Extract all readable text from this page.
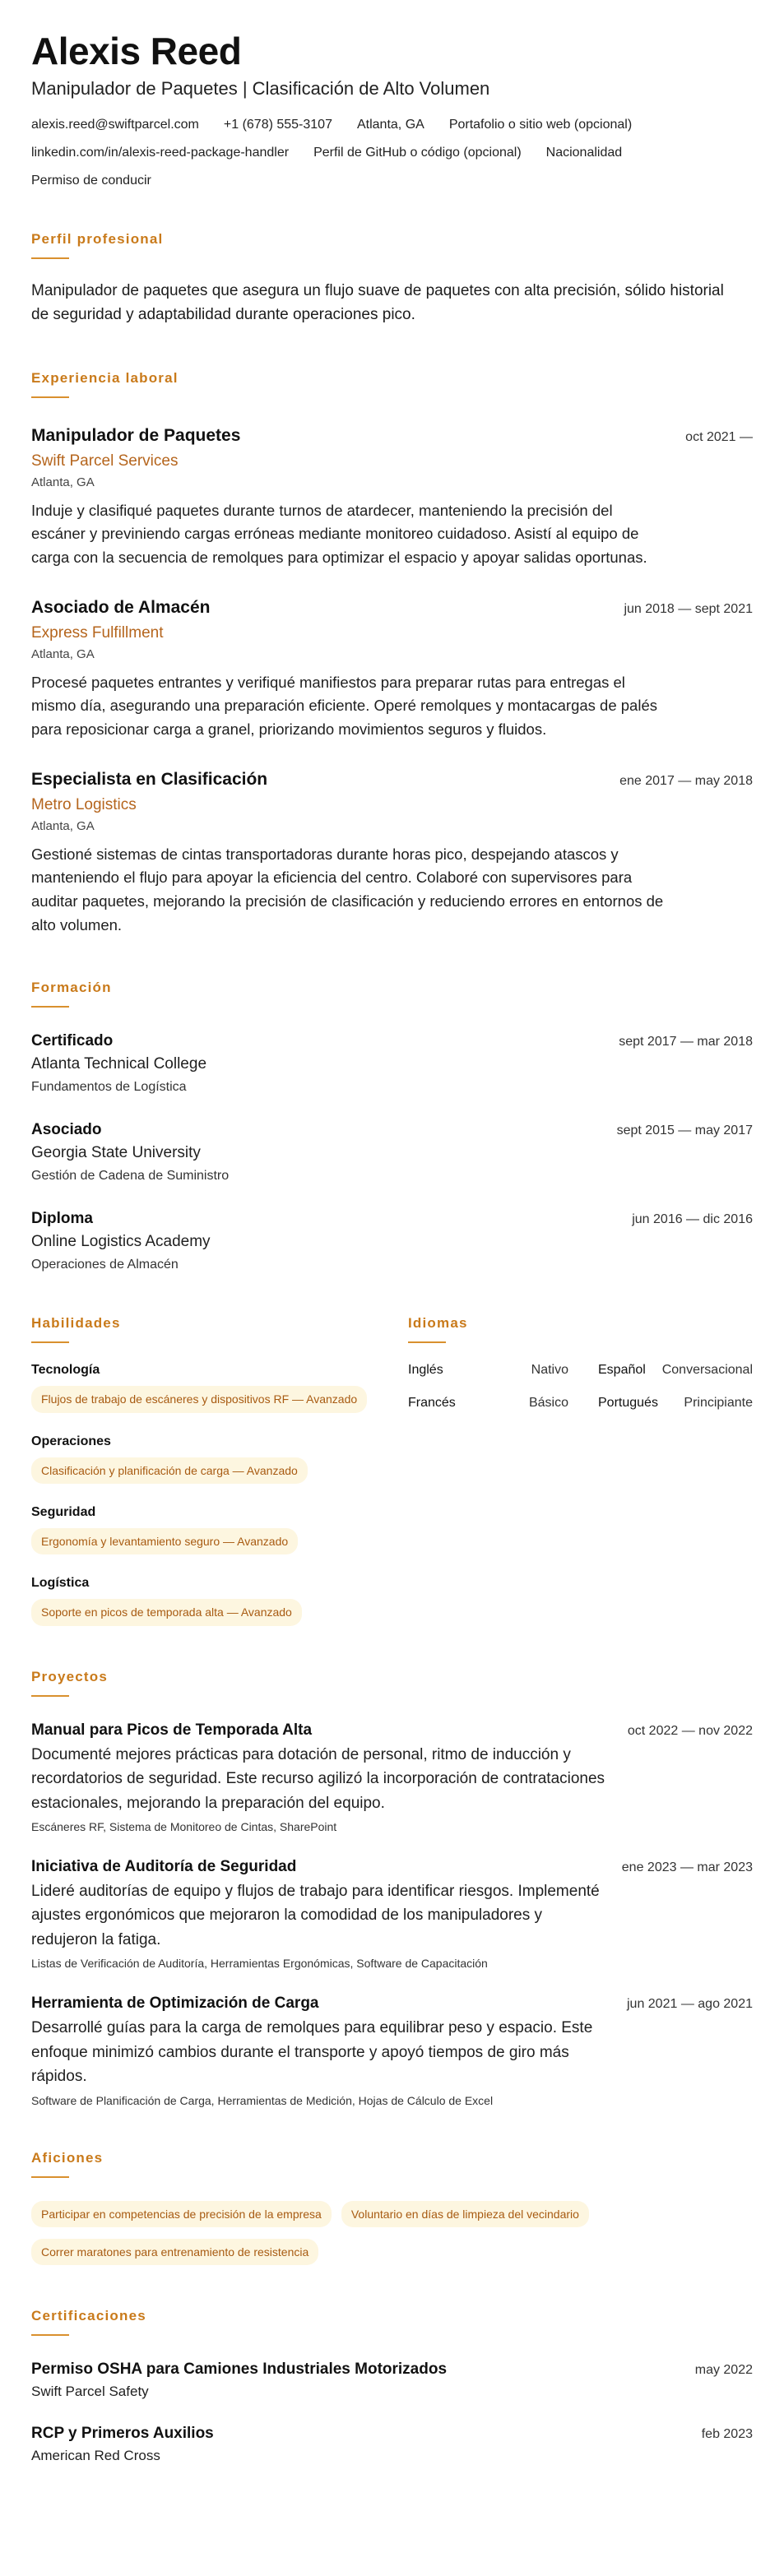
Alexis Reed
Manipulador de Paquetes | Clasificación de Alto Volumen
alexis.reed@swiftparcel.com +1 (678) 555-3107 Atlanta, GA Portafolio o sitio web (opcional)
linkedin.com/in/alexis-reed-package-handler Perfil de GitHub o código (opcional) Nacionalidad
Permiso de conducir
Perfil profesional

Manipulador de paquetes que asegura un flujo suave de paquetes con alta precisión, sólido historial de seguridad y adaptabilidad durante operaciones pico.

Experiencia laboral
Manipulador de Paquetes	oct 2021 —
Swift Parcel Services
Atlanta, GA

Induje y clasifiqué paquetes durante turnos de atardecer, manteniendo la precisión del escáner y previniendo cargas erróneas mediante monitoreo cuidadoso. Asistí al equipo de carga con la secuencia de remolques para optimizar el espacio y apoyar salidas oportunas.

Asociado de Almacén	jun 2018 — sept 2021
Express Fulfillment
Atlanta, GA

Procesé paquetes entrantes y verifiqué manifiestos para preparar rutas para entregas el mismo día, asegurando una preparación eficiente. Operé remolques y montacargas de palés para reposicionar carga a granel, priorizando movimientos seguros y fluidos.

Especialista en Clasificación	ene 2017 — may 2018
Metro Logistics
Atlanta, GA

Gestioné sistemas de cintas transportadoras durante horas pico, despejando atascos y manteniendo el flujo para apoyar la eficiencia del centro. Colaboré con supervisores para auditar paquetes, mejorando la precisión de clasificación y reduciendo errores en entornos de alto volumen.

Formación
Certificado	sept 2017 — mar 2018
Atlanta Technical College
Fundamentos de Logística
Asociado	sept 2015 — may 2017
Georgia State University
Gestión de Cadena de Suministro
Diploma	jun 2016 — dic 2016
Online Logistics Academy
Operaciones de Almacén
Habilidades
Tecnología
Flujos de trabajo de escáneres y dispositivos RF — Avanzado
Operaciones
Clasificación y planificación de carga — Avanzado
Seguridad
Ergonomía y levantamiento seguro — Avanzado
Logística
Soporte en picos de temporada alta — Avanzado
Idiomas
Inglés	Nativo Español Conversacional
Francés	Básico Portugués Principiante
Proyectos
Manual para Picos de Temporada Alta	oct 2022 — nov 2022

Documenté mejores prácticas para dotación de personal, ritmo de inducción y recordatorios de seguridad. Este recurso agilizó la incorporación de contrataciones estacionales, mejorando la preparación del equipo.

Escáneres RF, Sistema de Monitoreo de Cintas, SharePoint
Iniciativa de Auditoría de Seguridad	ene 2023 — mar 2023

Lideré auditorías de equipo y flujos de trabajo para identificar riesgos. Implementé ajustes ergonómicos que mejoraron la comodidad de los manipuladores y redujeron la fatiga.

Listas de Verificación de Auditoría, Herramientas Ergonómicas, Software de Capacitación
Herramienta de Optimización de Carga	jun 2021 — ago 2021

Desarrollé guías para la carga de remolques para equilibrar peso y espacio. Este enfoque minimizó cambios durante el transporte y apoyó tiempos de giro más rápidos.

Software de Planificación de Carga, Herramientas de Medición, Hojas de Cálculo de Excel
Aficiones
Participar en competencias de precisión de la empresa	Voluntario en días de limpieza del vecindario
Correr maratones para entrenamiento de resistencia
Certificaciones
Permiso OSHA para Camiones Industriales Motorizados	may 2022
Swift Parcel Safety
RCP y Primeros Auxilios	feb 2023
American Red Cross
